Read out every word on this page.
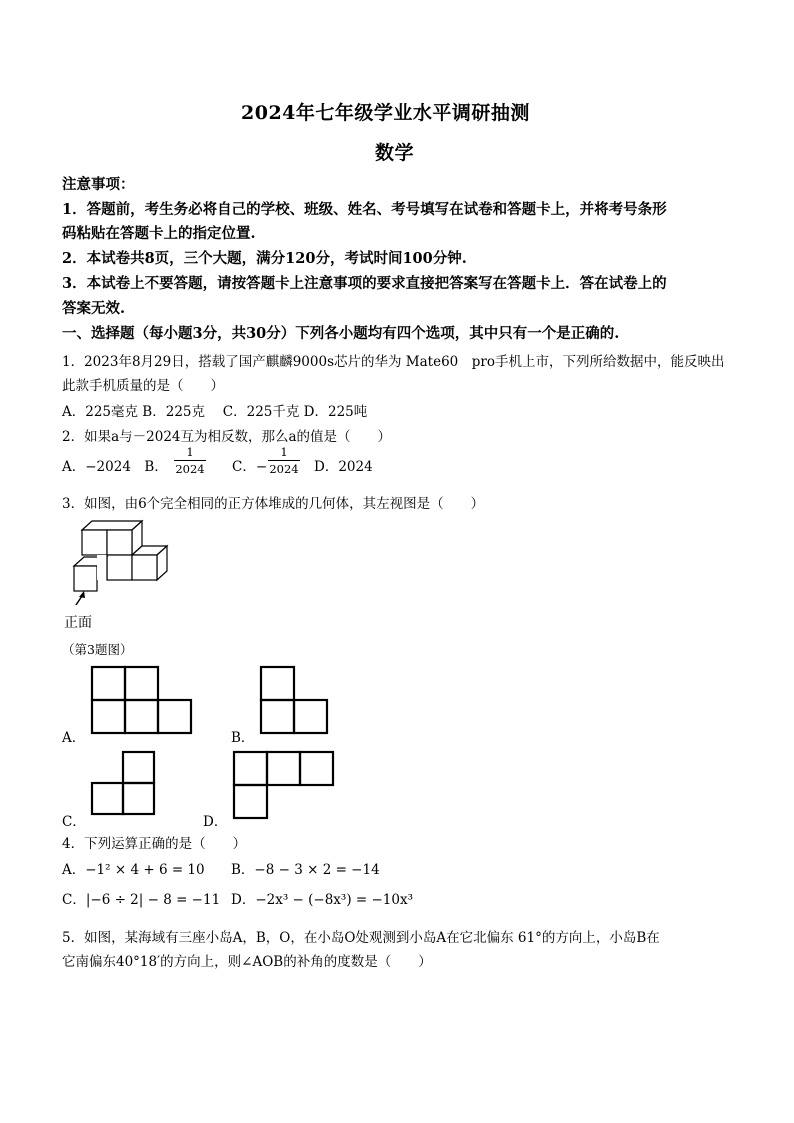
2024年七年级学业水平调研抽测
数学
注意事项：
1．答题前，考生务必将自己的学校、班级、姓名、考号填写在试卷和答题卡上，并将考号条形
码粘贴在答题卡上的指定位置.
2．本试卷共8页，三个大题，满分120分，考试时间100分钟.
3．本试卷上不要答题，请按答题卡上注意事项的要求直接把答案写在答题卡上．答在试卷上的
答案无效.
一、选择题（每小题3分，共30分）下列各小题均有四个选项，其中只有一个是正确的.
1．2023年8月29日，搭载了国产麒麟9000s芯片的华为 Mate60　pro手机上市，下列所给数据中，能反映出
此款手机质量的是（　　）
A．225毫克 B．225克　 C．225千克 D．225吨
2．如果a与－2024互为相反数，那么a的值是（　　）
A．−2024　B．
1
2024 C．−
1
2024 D．2024
3．如图，由6个完全相同的正方体堆成的几何体，其左视图是（　　）
正面
（第3题图）
A．	B．
C．	D．
4．下列运算正确的是（　　）
A．−1² × 4 + 6 = 10 B．−8 − 3 × 2 = −14
C．|−6 ÷ 2| − 8 = −11 D．−2x³ − (−8x³) = −10x³
5．如图，某海域有三座小岛A，B，O，在小岛O处观测到小岛A在它北偏东 61°的方向上，小岛B在
它南偏东40°18′的方向上，则∠AOB的补角的度数是（　　）
